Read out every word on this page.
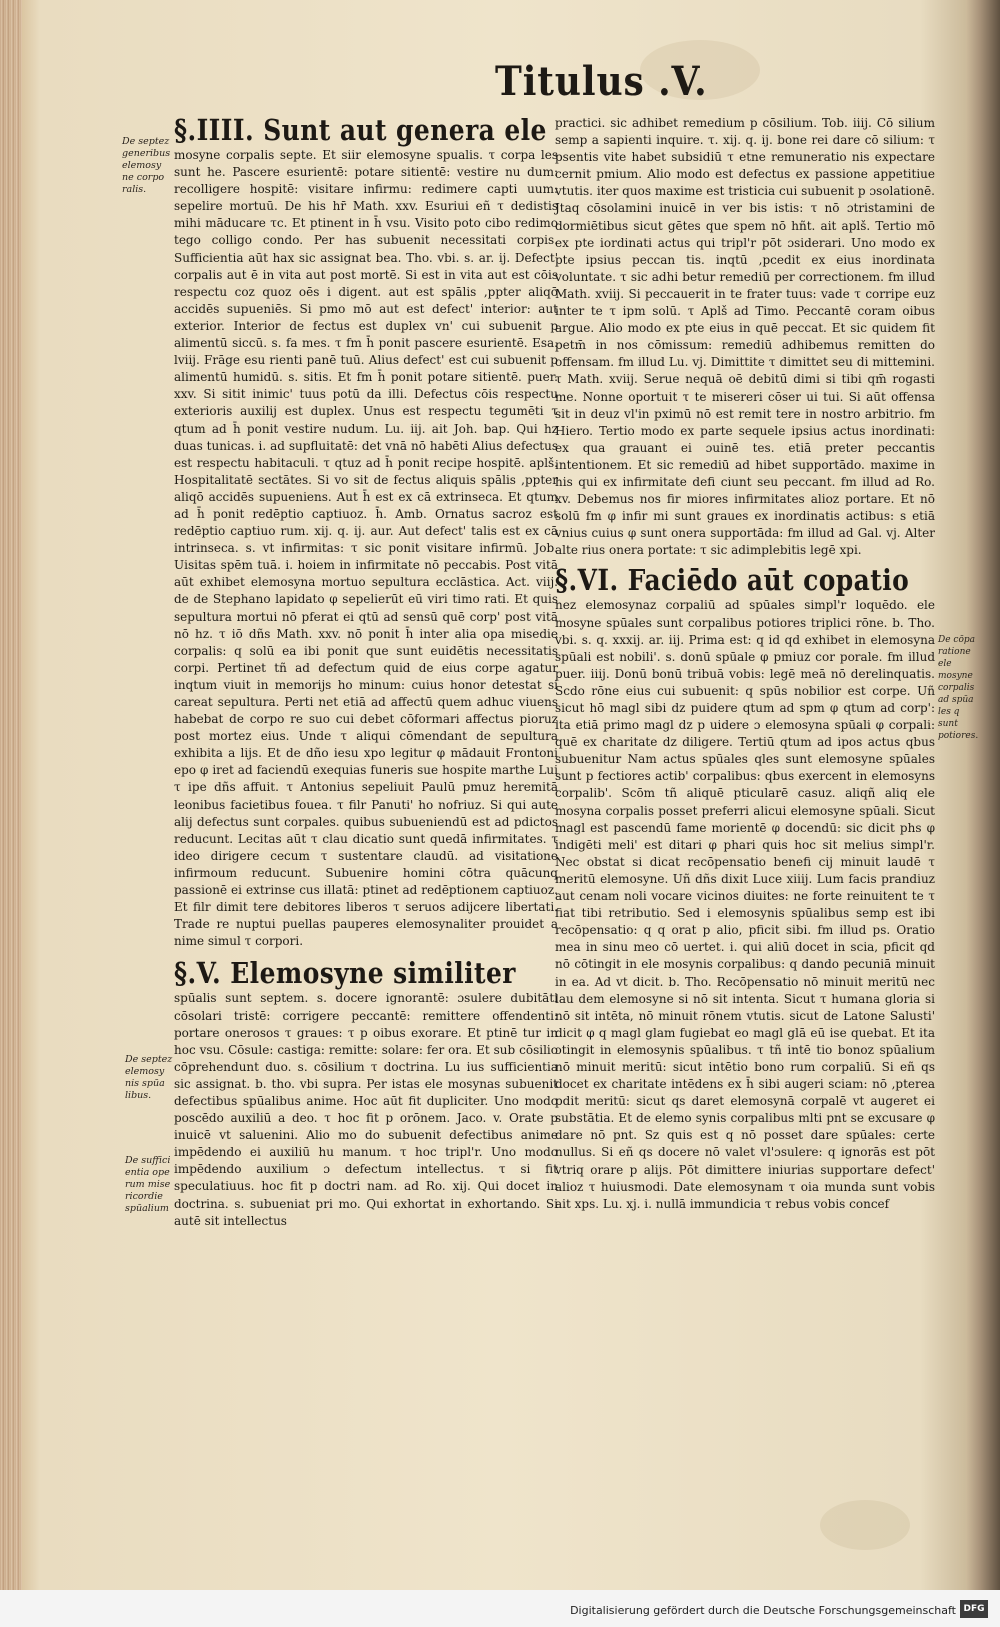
Titulus .V.
De septez generibus elemosy ne corpo ralis.
De septez elemosy nis spūa libus.
De suffici entia ope rum mise ricordie spūalium
De cōpa ratione ele mosyne corpalis ad spūa les q sunt potiores.
§.IIII. Sunt aut genera ele

mosyne corpalis septe. Et siir elemosyne spualis. τ corpa les sunt he. Pascere esurientē: potare sitientē: vestire nu dum: recolligere hospitē: visitare infirmu: redimere capti uum: sepelire mortuū. De his hr̄ Math. xxv. Esuriui eñ τ dedistis mihi māducare τc. Et ptinent in h̄ vsu. Visito poto cibo redimo tego colligo condo. Per has subuenit necessitati corpis. Sufficientia aūt hax sic assignat bea. Tho. vbi. s. ar. ij. Defect' corpalis aut ē in vita aut post mortē. Si est in vita aut est cōis respectu coz quoz oēs i digent. aut est spālis ,ppter aliqō accidēs supueniēs. Si pmo mō aut est defect' interior: aut exterior. Interior de fectus est duplex vn' cui subuenit p alimentū siccū. s. fa mes. τ fm h̄ ponit pascere esurientē. Esa. lviij. Frāge esu rienti panē tuū. Alius defect' est cui subuenit p alimentū humidū. s. sitis. Et fm h̄ ponit potare sitientē. puer. xxv. Si sitit inimic' tuus potū da illi. Defectus cōis respectu exterioris auxilij est duplex. Unus est respectu tegumēti τ qtum ad h̄ ponit vestire nudum. Lu. iij. ait Joh. bap. Qui hz duas tunicas. i. ad supfluitatē: det vnā nō habēti Alius defectus est respectu habitaculi. τ qtuz ad h̄ ponit recipe hospitē. aplš. Hospitalitatē sectātes. Si vo sit de fectus aliquis spālis ,ppter aliqō accidēs supueniens. Aut h̄ est ex cā extrinseca. Et qtum ad h̄ ponit redēptio captiuoz. h̄. Amb. Ornatus sacroz est redēptio captiuo rum. xij. q. ij. aur. Aut defect' talis est ex cā intrinseca. s. vt infirmitas: τ sic ponit visitare infirmū. Job. Uisitas spēm tuā. i. hoiem in infirmitate nō peccabis. Post vitā aūt exhibet elemosyna mortuo sepultura ecclāstica. Act. viij. de de Stephano lapidato φ sepelierūt eū viri timo rati. Et quis sepultura mortui nō pferat ei qtū ad sensū quē corp' post vitā nō hz. τ iō dñs Math. xxv. nō ponit h̄ inter alia opa misedie corpalis: q solū ea ibi ponit que sunt euidētis necessitatis corpi. Pertinet tñ ad defectum quid de eius corpe agatur inqtum viuit in memorijs ho minum: cuius honor detestat si careat sepultura. Perti net etiā ad affectū quem adhuc viuens habebat de corpo re suo cui debet cōformari affectus pioruz post mortez eius. Unde τ aliqui cōmendant de sepultura exhibita a lijs. Et de dño iesu xpo legitur φ mādauit Frontoni epo φ iret ad faciendū exequias funeris sue hospite marthe Lui τ ipe dñs affuit. τ Antonius sepeliuit Paulū pmuz heremitā leonibus facietibus fouea. τ filr Panuti' ho nofriuz. Si qui aute alij defectus sunt corpales. quibus subueniendū est ad pdictos reducunt. Lecitas aūt τ clau dicatio sunt quedā infirmitates. τ ideo dirigere cecum τ sustentare claudū. ad visitatione infirmoum reducunt. Subuenire homini cōtra quācunq passionē ei extrinse cus illatā: ptinet ad redēptionem captiuoz. Et filr dimit tere debitores liberos τ seruos adijcere libertati. Trade re nuptui puellas pauperes elemosynaliter prouidet a nime simul τ corpori.

§.V. Elemosyne similiter

spūalis sunt septem. s. docere ignorantē: ɔsulere dubitāti cōsolari tristē: corrigere peccantē: remittere offendenti: portare onerosos τ graues: τ p oibus exorare. Et ptinē tur in hoc vsu. Cōsule: castiga: remitte: solare: fer ora. Et sub cōsilio cōprehendunt duo. s. cōsilium τ doctrina. Lu ius sufficientia sic assignat. b. tho. vbi supra. Per istas ele mosynas subuenit defectibus spūalibus anime. Hoc aūt fit dupliciter. Uno modo poscēdo auxiliū a deo. τ hoc fit p orōnem. Jaco. v. Orate p inuicē vt saluenini. Alio mo do subuenit defectibus anime impēdendo ei auxiliū hu manum. τ hoc tripl'r. Uno modo impēdendo auxilium ɔ defectum intellectus. τ si fit speculatiuus. hoc fit p doctri nam. ad Ro. xij. Qui docet in doctrina. s. subueniat pri mo. Qui exhortat in exhortando. Si autē sit intellectus

practici. sic adhibet remedium p cōsilium. Tob. iiij. Cō silium semp a sapienti inquire. τ. xij. q. ij. bone rei dare cō silium: τ psentis vite habet subsidiū τ etne remuneratio nis expectare cernit pmium. Alio modo est defectus ex passione appetitiue vtutis. iter quos maxime est tristicia cui subuenit p ɔsolationē. Jtaq cōsolamini inuicē in ver bis istis: τ nō ɔtristamini de dormiētibus sicut gētes que spem nō hñt. ait aplš. Tertio mō ex pte iordinati actus qui tripl'r pōt ɔsiderari. Uno modo ex pte ipsius peccan tis. inqtū ,pcedit ex eius inordinata voluntate. τ sic adhi betur remediū per correctionem. fm illud Math. xviij. Si peccauerit in te frater tuus: vade τ corripe euz inter te τ ipm solū. τ Aplš ad Timo. Peccantē coram oibus argue. Alio modo ex pte eius in quē peccat. Et sic quidem fit petm̄ in nos cōmissum: remediū adhibemus remitten do offensam. fm illud Lu. vj. Dimittite τ dimittet seu di mittemini. τ Math. xviij. Serue nequā oē debitū dimi si tibi qm̄ rogasti me. Nonne oportuit τ te misereri cōser ui tui. Si aūt offensa sit in deuz vl'in pximū nō est remit tere in nostro arbitrio. fm Hiero. Tertio modo ex parte sequele ipsius actus inordinati: ex qua grauant ei ɔuinē tes. etiā preter peccantis intentionem. Et sic remediū ad hibet supportādo. maxime in his qui ex infirmitate defi ciunt seu peccant. fm illud ad Ro. xv. Debemus nos fir miores infirmitates alioz portare. Et nō solū fm φ infir mi sunt graues ex inordinatis actibus: s etiā vnius cuius φ sunt onera supportāda: fm illud ad Gal. vj. Alter alte rius onera portate: τ sic adimplebitis legē xpi.

§.VI. Faciēdo aūt copatio

nez elemosynaz corpaliū ad spūales simpl'r loquēdo. ele mosyne spūales sunt corpalibus potiores triplici rōne. b. Tho. vbi. s. q. xxxij. ar. iij. Prima est: q id qd exhibet in elemosyna spūali est nobili'. s. donū spūale φ pmiuz cor porale. fm illud puer. iiij. Donū bonū tribuā vobis: legē meā nō derelinquatis. Scdo rōne eius cui subuenit: q spūs nobilior est corpe. Uñ sicut hō magl sibi dz puidere qtum ad spm φ qtum ad corp': ita etiā primo magl dz p uidere ɔ elemosyna spūali φ corpali: quē ex charitate dz diligere. Tertiū qtum ad ipos actus qbus subuenitur Nam actus spūales qles sunt elemosyne spūales sunt p fectiores actib' corpalibus: qbus exercent in elemosyns corpalib'. Scōm tñ aliquē pticularē casuz. aliqñ aliq ele mosyna corpalis posset preferri alicui elemosyne spūali. Sicut magl est pascendū fame morientē φ docendū: sic dicit phs φ indigēti meli' est ditari φ phari quis hoc sit melius simpl'r. Nec obstat si dicat recōpensatio benefi cij minuit laudē τ meritū elemosyne. Uñ dñs dixit Luce xiiij. Lum facis prandiuz aut cenam noli vocare vicinos diuites: ne forte reinuitent te τ fiat tibi retributio. Sed i elemosynis spūalibus semp est ibi recōpensatio: q q orat p alio, pficit sibi. fm illud ps. Oratio mea in sinu meo cō uertet. i. qui aliū docet in scia, pficit qd nō cōtingit in ele mosynis corpalibus: q dando pecuniā minuit in ea. Ad vt dicit. b. Tho. Recōpensatio nō minuit meritū nec lau dem elemosyne si nō sit intenta. Sicut τ humana gloria si nō sit intēta, nō minuit rōnem vtutis. sicut de Latone Salusti' dicit φ q magl glam fugiebat eo magl glā eū ise quebat. Et ita ɔtingit in elemosynis spūalibus. τ tñ intē tio bonoz spūalium nō minuit meritū: sicut intētio bono rum corpaliū. Si eñ qs docet ex charitate intēdens ex h̄ sibi augeri sciam: nō ,pterea pdit meritū: sicut qs daret elemosynā corpalē vt augeret ei substātia. Et de elemo synis corpalibus mlti pnt se excusare φ dare nō pnt. Sz quis est q nō posset dare spūales: certe nullus. Si eñ qs docere nō valet vl'ɔsulere: q ignorās est pōt vtriq orare p alijs. Pōt dimittere iniurias supportare defect' alioz τ huiusmodi. Date elemosynam τ oia munda sunt vobis ait xps. Lu. xj. i. nullā immundicia τ rebus vobis concef

Digitalisierung gefördert durch die Deutsche Forschungsgemeinschaft DFG
